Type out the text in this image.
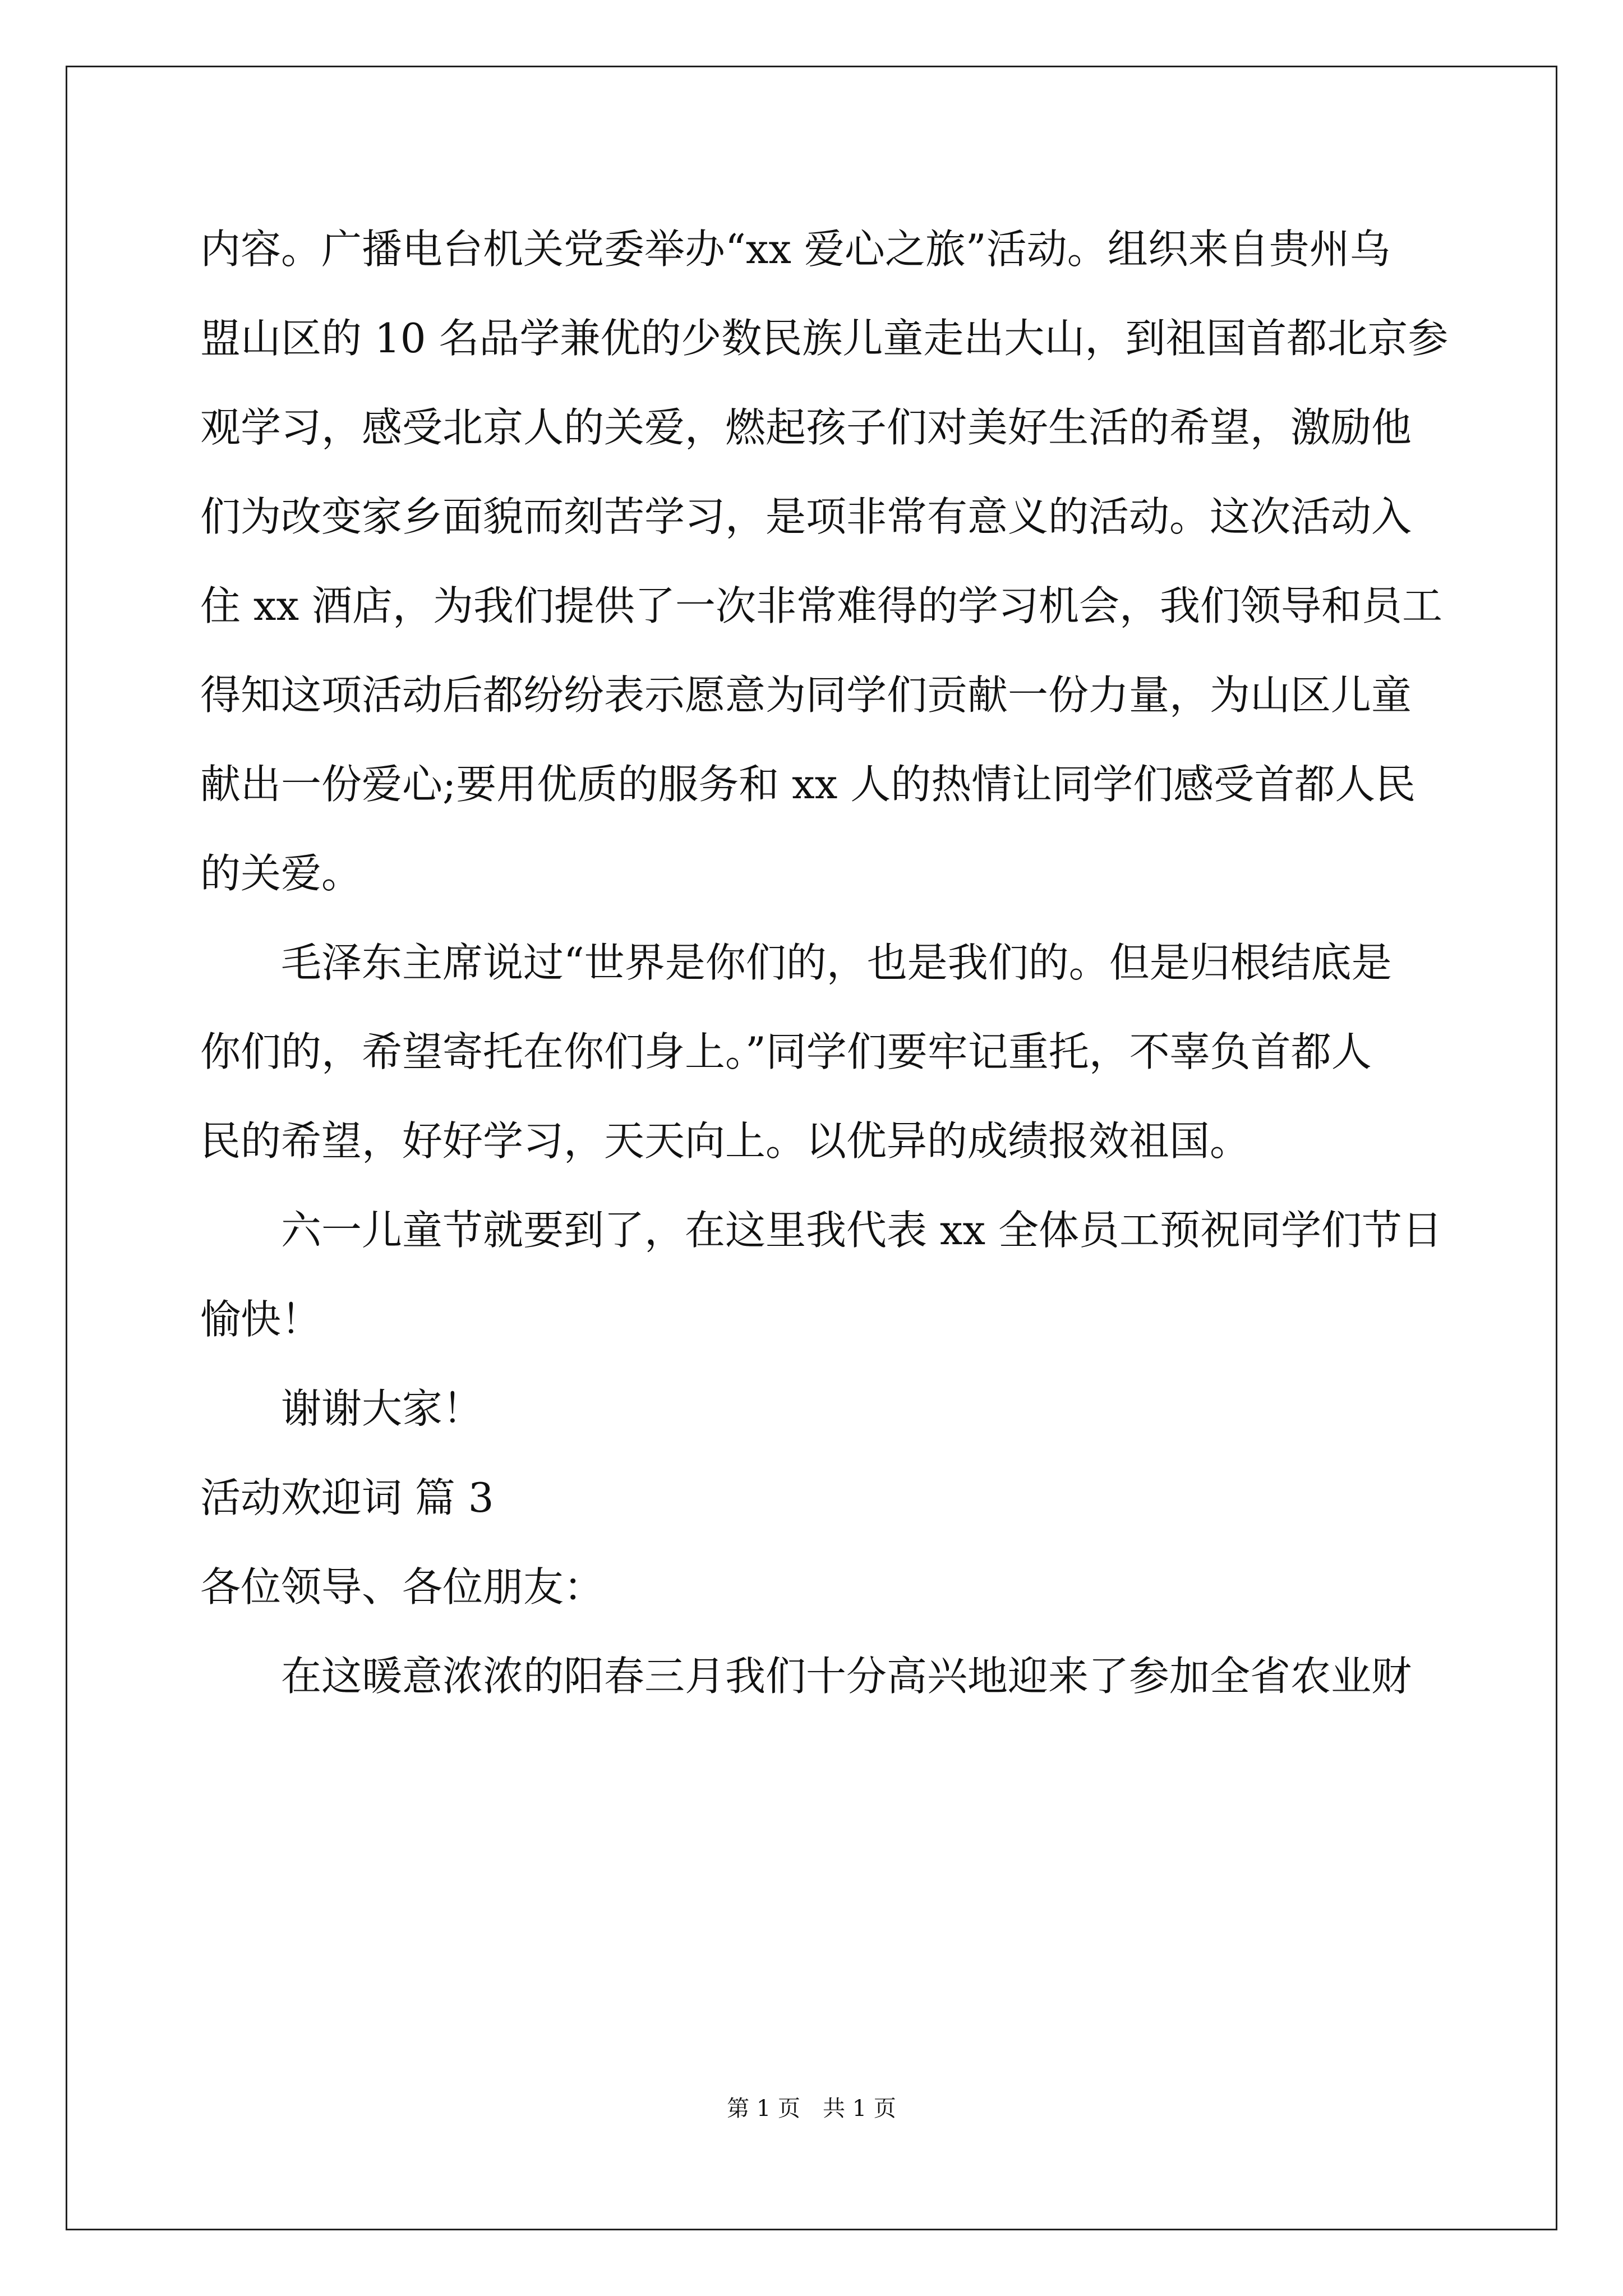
内容。广播电台机关党委举办“xx 爱心之旅”活动。组织来自贵州乌
盟山区的 10 名品学兼优的少数民族儿童走出大山，到祖国首都北京参
观学习，感受北京人的关爱，燃起孩子们对美好生活的希望，激励他
们为改变家乡面貌而刻苦学习，是项非常有意义的活动。这次活动入
住 xx 酒店，为我们提供了一次非常难得的学习机会，我们领导和员工
得知这项活动后都纷纷表示愿意为同学们贡献一份力量，为山区儿童
献出一份爱心;要用优质的服务和 xx 人的热情让同学们感受首都人民
的关爱。
毛泽东主席说过“世界是你们的，也是我们的。但是归根结底是
你们的，希望寄托在你们身上。”同学们要牢记重托，不辜负首都人
民的希望，好好学习，天天向上。以优异的成绩报效祖国。
六一儿童节就要到了，在这里我代表 xx 全体员工预祝同学们节日
愉快！
谢谢大家！
活动欢迎词 篇 3
各位领导、各位朋友：
在这暖意浓浓的阳春三月我们十分高兴地迎来了参加全省农业财
第 1 页　共 1 页
